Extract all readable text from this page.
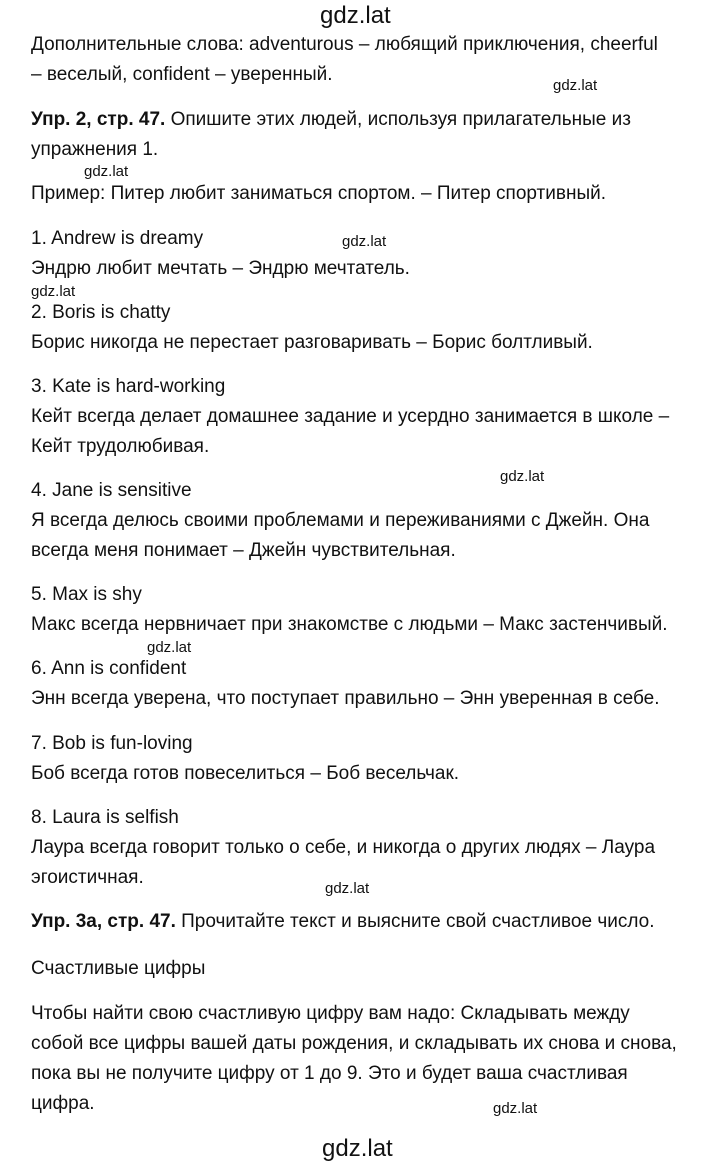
gdz.lat
Дополнительные слова: adventurous – любящий приключения, cheerful
– веселый, confident – уверенный.
gdz.lat
Упр. 2, стр. 47. Опишите этих людей, используя прилагательные из
упражнения 1.
gdz.lat
Пример: Питер любит заниматься спортом. – Питер спортивный.
1. Andrew is dreamy	gdz.lat
Эндрю любит мечтать – Эндрю мечтатель.
gdz.lat
2. Boris is chatty
Борис никогда не перестает разговаривать – Борис болтливый.
3. Kate is hard-working
Кейт всегда делает домашнее задание и усердно занимается в школе –
Кейт трудолюбивая.
gdz.lat
4. Jane is sensitive
Я всегда делюсь своими проблемами и переживаниями с Джейн. Она
всегда меня понимает – Джейн чувствительная.
5. Max is shy
Макс всегда нервничает при знакомстве с людьми – Макс застенчивый.
gdz.lat
6. Ann is confident
Энн всегда уверена, что поступает правильно – Энн уверенная в себе.
7. Bob is fun-loving
Боб всегда готов повеселиться – Боб весельчак.
8. Laura is selfish
Лаура всегда говорит только о себе, и никогда о других людях – Лаура
эгоистичная.
gdz.lat
Упр. 3а, стр. 47. Прочитайте текст и выясните свой счастливое число.
Счастливые цифры
Чтобы найти свою счастливую цифру вам надо: Складывать между
собой все цифры вашей даты рождения, и складывать их снова и снова,
пока вы не получите цифру от 1 до 9. Это и будет ваша счастливая
цифра.	gdz.lat
gdz.lat
